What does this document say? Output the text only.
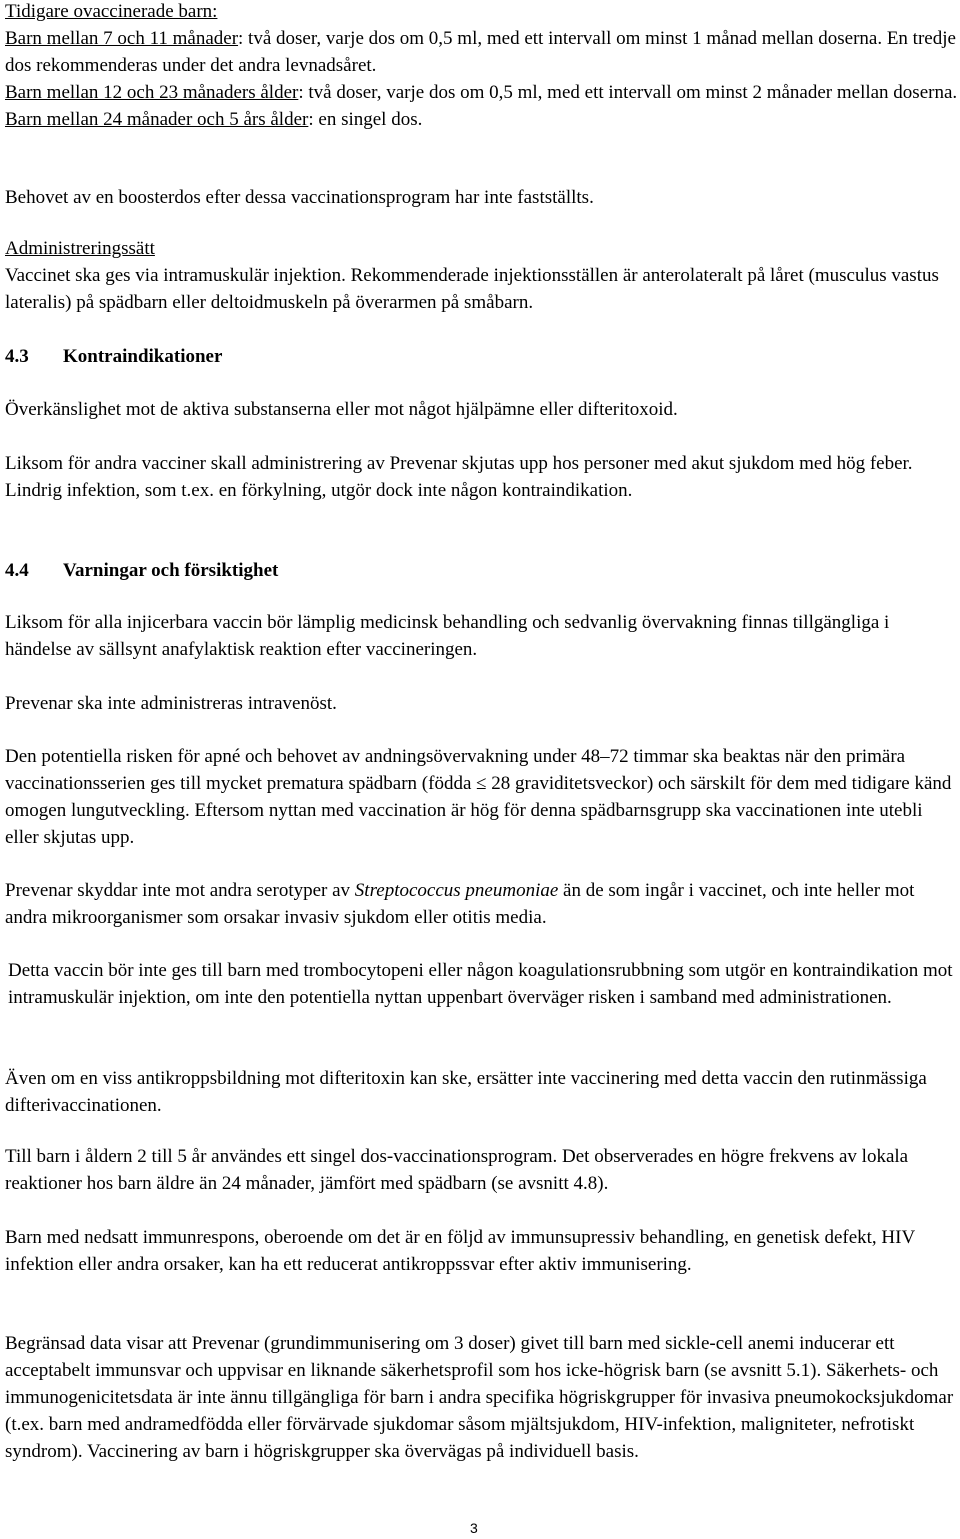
Tidigare ovaccinerade barn:

Barn mellan 7 och 11 månader: två doser, varje dos om 0,5 ml, med ett intervall om minst 1 månad mellan doserna. En tredje dos rekommenderas under det andra levnadsåret.

Barn mellan 12 och 23 månaders ålder: två doser, varje dos om 0,5 ml, med ett intervall om minst 2 månader mellan doserna.

Barn mellan 24 månader och 5 års ålder: en singel dos.

Behovet av en boosterdos efter dessa vaccinationsprogram har inte fastställts.

Administreringssätt

Vaccinet ska ges via intramuskulär injektion. Rekommenderade injektionsställen är anterolateralt på låret (musculus vastus lateralis) på spädbarn eller deltoidmuskeln på överarmen på småbarn.

4.3 Kontraindikationer

Överkänslighet mot de aktiva substanserna eller mot något hjälpämne eller difteritoxoid.

Liksom för andra vacciner skall administrering av Prevenar skjutas upp hos personer med akut sjukdom med hög feber. Lindrig infektion, som t.ex. en förkylning, utgör dock inte någon kontraindikation.

4.4 Varningar och försiktighet

Liksom för alla injicerbara vaccin bör lämplig medicinsk behandling och sedvanlig övervakning finnas tillgängliga i händelse av sällsynt anafylaktisk reaktion efter vaccineringen.

Prevenar ska inte administreras intravenöst.

Den potentiella risken för apné och behovet av andningsövervakning under 48–72 timmar ska beaktas när den primära vaccinationsserien ges till mycket prematura spädbarn (födda ≤ 28 graviditetsveckor) och särskilt för dem med tidigare känd omogen lungutveckling. Eftersom nyttan med vaccination är hög för denna spädbarnsgrupp ska vaccinationen inte utebli eller skjutas upp.

Prevenar skyddar inte mot andra serotyper av Streptococcus pneumoniae än de som ingår i vaccinet, och inte heller mot andra mikroorganismer som orsakar invasiv sjukdom eller otitis media.

Detta vaccin bör inte ges till barn med trombocytopeni eller någon koagulationsrubbning som utgör en kontraindikation mot intramuskulär injektion, om inte den potentiella nyttan uppenbart överväger risken i samband med administrationen.

Även om en viss antikroppsbildning mot difteritoxin kan ske, ersätter inte vaccinering med detta vaccin den rutinmässiga difterivaccinationen.

Till barn i åldern 2 till 5 år användes ett singel dos-vaccinationsprogram. Det observerades en högre frekvens av lokala reaktioner hos barn äldre än 24 månader, jämfört med spädbarn (se avsnitt 4.8).

Barn med nedsatt immunrespons, oberoende om det är en följd av immunsupressiv behandling, en genetisk defekt, HIV infektion eller andra orsaker, kan ha ett reducerat antikroppssvar efter aktiv immunisering.

Begränsad data visar att Prevenar (grundimmunisering om 3 doser) givet till barn med sickle-cell anemi inducerar ett acceptabelt immunsvar och uppvisar en liknande säkerhetsprofil som hos icke-högrisk barn (se avsnitt 5.1). Säkerhets- och immunogenicitetsdata är inte ännu tillgängliga för barn i andra specifika högriskgrupper för invasiva pneumokocksjukdomar (t.ex. barn med andramedfödda eller förvärvade sjukdomar såsom mjältsjukdom, HIV-infektion, maligniteter, nefrotiskt syndrom). Vaccinering av barn i högriskgrupper ska övervägas på individuell basis.

3
